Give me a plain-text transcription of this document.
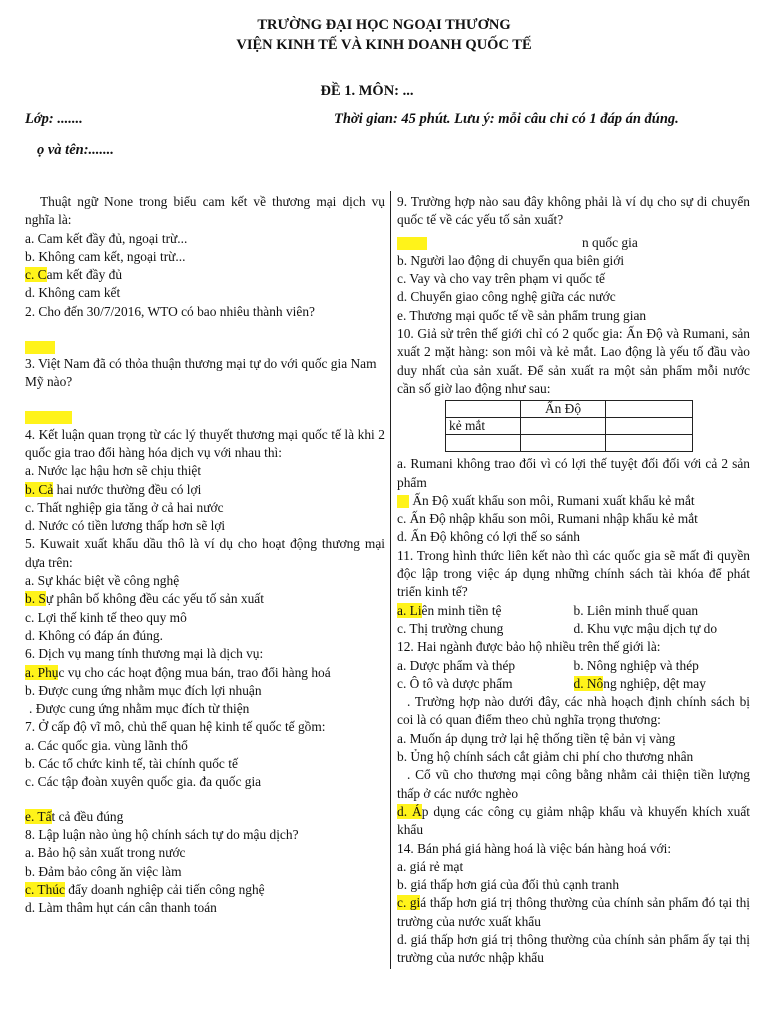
TRƯỜNG ĐẠI HỌC NGOẠI THƯƠNG
VIỆN KINH TẾ VÀ KINH DOANH QUỐC TẾ
ĐỀ 1. MÔN: ...
Lớp: .......	Thời gian: 45 phút. Lưu ý: mỗi câu chỉ có 1 đáp án đúng.
ọ và tên:.......

Thuật ngữ None trong biểu cam kết về thương mại dịch vụ nghĩa là:

a. Cam kết đầy đủ, ngoại trừ...

b. Không cam kết, ngoại trừ...

c. Cam kết đầy đủ

d. Không cam kết

2. Cho đến 30/7/2016, WTO có bao nhiêu thành viên?

3. Việt Nam đã có thỏa thuận thương mại tự do với quốc gia Nam Mỹ nào?

4. Kết luận quan trọng từ các lý thuyết thương mại quốc tế là khi 2 quốc gia trao đổi hàng hóa dịch vụ với nhau thì:

a. Nước lạc hậu hơn sẽ chịu thiệt

b. Cả hai nước thường đều có lợi

c. Thất nghiệp gia tăng ở cả hai nước

d. Nước có tiền lương thấp hơn sẽ lợi

5. Kuwait xuất khẩu dầu thô là ví dụ cho hoạt động thương mại dựa trên:

a. Sự khác biệt về công nghệ

b. Sự phân bố không đều các yếu tố sản xuất

c. Lợi thế kinh tế theo quy mô

d. Không có đáp án đúng.

6. Dịch vụ mang tính thương mại là dịch vụ:

a. Phục vụ cho các hoạt động mua bán, trao đổi hàng hoá

b. Được cung ứng nhằm mục đích lợi nhuận

. Được cung ứng nhằm mục đích từ thiện

7. Ở cấp độ vĩ mô, chủ thể quan hệ kinh tế quốc tế gồm:

a. Các quốc gia. vùng lãnh thổ

b. Các tổ chức kinh tế, tài chính quốc tế

c. Các tập đoàn xuyên quốc gia. đa quốc gia

e. Tất cả đều đúng

8. Lập luận nào ủng hộ chính sách tự do mậu dịch?

a. Bảo hộ sản xuất trong nước

b. Đảm bảo công ăn việc làm

c. Thúc đẩy doanh nghiệp cải tiến công nghệ

d. Làm thâm hụt cán cân thanh toán

9. Trường hợp nào sau đây không phải là ví dụ cho sự di chuyển quốc tế về các yếu tố sản xuất?

n quốc gia

b. Người lao động di chuyển qua biên giới

c. Vay và cho vay trên phạm vi quốc tế

d. Chuyển giao công nghệ giữa các nước

e. Thương mại quốc tế về sản phẩm trung gian

10. Giả sử trên thế giới chỉ có 2 quốc gia: Ấn Độ và Rumani, sản xuất 2 mặt hàng: son môi và kẻ mắt. Lao động là yếu tố đầu vào duy nhất của sản xuất. Để sản xuất ra một sản phẩm mỗi nước cần số giờ lao động như sau:

	Ấn Độ	
kẻ mắt		

a. Rumani không trao đổi vì có lợi thế tuyệt đối đối với cả 2 sản phẩm

Ấn Độ xuất khẩu son môi, Rumani xuất khẩu kẻ mắt

c. Ấn Độ nhập khẩu son môi, Rumani nhập khẩu kẻ mắt

d. Ấn Độ không có lợi thế so sánh

11. Trong hình thức liên kết nào thì các quốc gia sẽ mất đi quyền độc lập trong việc áp dụng những chính sách tài khóa để phát triển kinh tế?

a. Liên minh tiền tệ	b. Liên minh thuế quan
c. Thị trường chung	d. Khu vực mậu dịch tự do

12. Hai ngành được bảo hộ nhiều trên thế giới là:

a. Dược phẩm và thép	b. Nông nghiệp và thép
c. Ô tô và dược phẩm	d. Nông nghiệp, dệt may

. Trường hợp nào dưới đây, các nhà hoạch định chính sách bị coi là có quan điểm theo chủ nghĩa trọng thương:

a. Muốn áp dụng trở lại hệ thống tiền tệ bản vị vàng

b. Ủng hộ chính sách cắt giảm chi phí cho thương nhân

. Cổ vũ cho thương mại công bằng nhằm cải thiện tiền lượng thấp ở các nước nghèo

d. Áp dụng các công cụ giảm nhập khẩu và khuyến khích xuất khẩu

14. Bán phá giá hàng hoá là việc bán hàng hoá với:

a. giá rẻ mạt

b. giá thấp hơn giá của đối thủ cạnh tranh

c. giá thấp hơn giá trị thông thường của chính sản phẩm đó tại thị trường của nước xuất khẩu

d. giá thấp hơn giá trị thông thường của chính sản phẩm ấy tại thị trường của nước nhập khẩu
